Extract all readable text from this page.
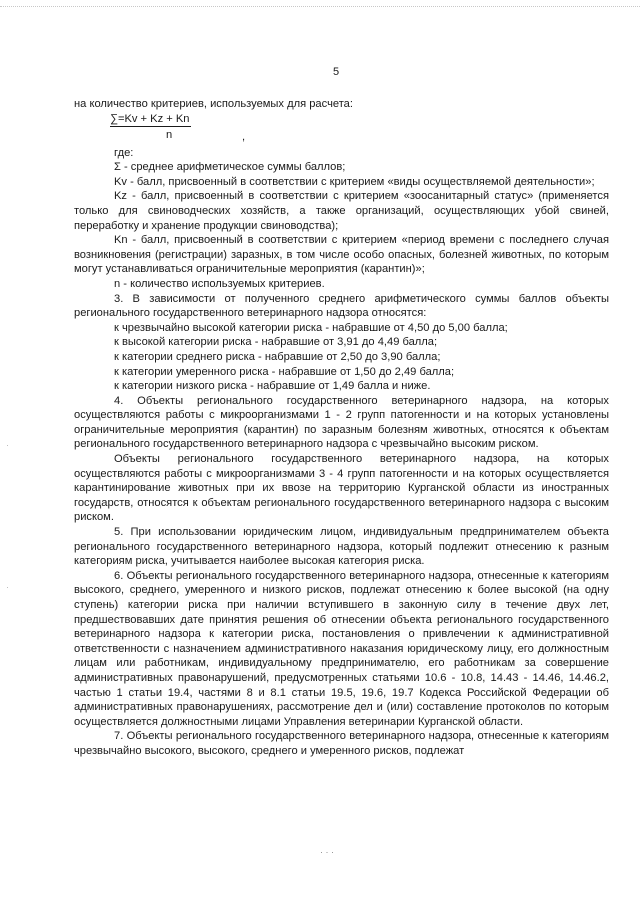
·
·
5

на количество критериев, используемых для расчета:

∑=Kv + Kz + Kn
n	,

где:

Σ - среднее арифметическое суммы баллов;

Kv - балл, присвоенный в соответствии с критерием «виды осуществляемой деятельности»;

Kz - балл, присвоенный в соответствии с критерием «зоосанитарный статус» (применяется только для свиноводческих хозяйств, а также организаций, осуществляющих убой свиней, переработку и хранение продукции свиноводства);

Kn - балл, присвоенный в соответствии с критерием «период времени с последнего случая возникновения (регистрации) заразных, в том числе особо опасных, болезней животных, по которым могут устанавливаться ограничительные мероприятия (карантин)»;

n - количество используемых критериев.

3. В зависимости от полученного среднего арифметического суммы баллов объекты регионального государственного ветеринарного надзора относятся:

к чрезвычайно высокой категории риска - набравшие от 4,50 до 5,00 балла;

к высокой категории риска - набравшие от 3,91 до 4,49 балла;

к категории среднего риска - набравшие от 2,50 до 3,90 балла;

к категории умеренного риска - набравшие от 1,50 до 2,49 балла;

к категории низкого риска - набравшие от 1,49 балла и ниже.

4. Объекты регионального государственного ветеринарного надзора, на которых осуществляются работы с микроорганизмами 1 - 2 групп патогенности и на которых установлены ограничительные мероприятия (карантин) по заразным болезням животных, относятся к объектам регионального государственного ветеринарного надзора с чрезвычайно высоким риском.

Объекты регионального государственного ветеринарного надзора, на которых осуществляются работы с микроорганизмами 3 - 4 групп патогенности и на которых осуществляется карантинирование животных при их ввозе на территорию Курганской области из иностранных государств, относятся к объектам регионального государственного ветеринарного надзора с высоким риском.

5. При использовании юридическим лицом, индивидуальным предпринимателем объекта регионального государственного ветеринарного надзора, который подлежит отнесению к разным категориям риска, учитывается наиболее высокая категория риска.

6. Объекты регионального государственного ветеринарного надзора, отнесенные к категориям высокого, среднего, умеренного и низкого рисков, подлежат отнесению к более высокой (на одну ступень) категории риска при наличии вступившего в законную силу в течение двух лет, предшествовавших дате принятия решения об отнесении объекта регионального государственного ветеринарного надзора к категории риска, постановления о привлечении к административной ответственности с назначением административного наказания юридическому лицу, его должностным лицам или работникам, индивидуальному предпринимателю, его работникам за совершение административных правонарушений, предусмотренных статьями 10.6 - 10.8, 14.43 - 14.46, 14.46.2, частью 1 статьи 19.4, частями 8 и 8.1 статьи 19.5, 19.6, 19.7 Кодекса Российской Федерации об административных правонарушениях, рассмотрение дел и (или) составление протоколов по которым осуществляется должностными лицами Управления ветеринарии Курганской области.

7. Объекты регионального государственного ветеринарного надзора, отнесенные к категориям чрезвычайно высокого, высокого, среднего и умеренного рисков, подлежат

· · ·
